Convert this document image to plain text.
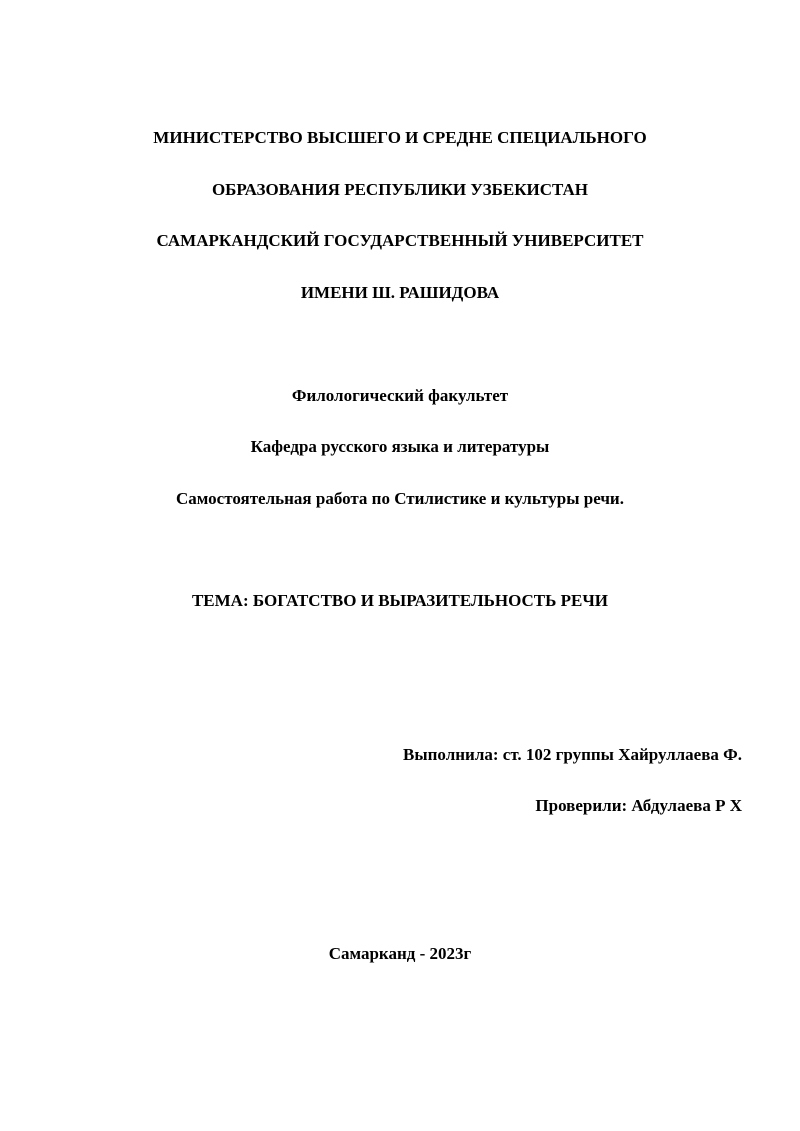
МИНИСТЕРСТВО ВЫСШЕГО И СРЕДНЕ СПЕЦИАЛЬНОГО
ОБРАЗОВАНИЯ РЕСПУБЛИКИ УЗБЕКИСТАН
САМАРКАНДСКИЙ ГОСУДАРСТВЕННЫЙ УНИВЕРСИТЕТ
ИМЕНИ Ш. РАШИДОВА
Филологический факультет
Кафедра русского языка и литературы
Самостоятельная работа по Стилистике и культуры речи.
ТЕМА: БОГАТСТВО И ВЫРАЗИТЕЛЬНОСТЬ РЕЧИ
Выполнила: ст. 102 группы Хайруллаева Ф.
Проверили: Абдулаева Р Х
Самарканд - 2023г
